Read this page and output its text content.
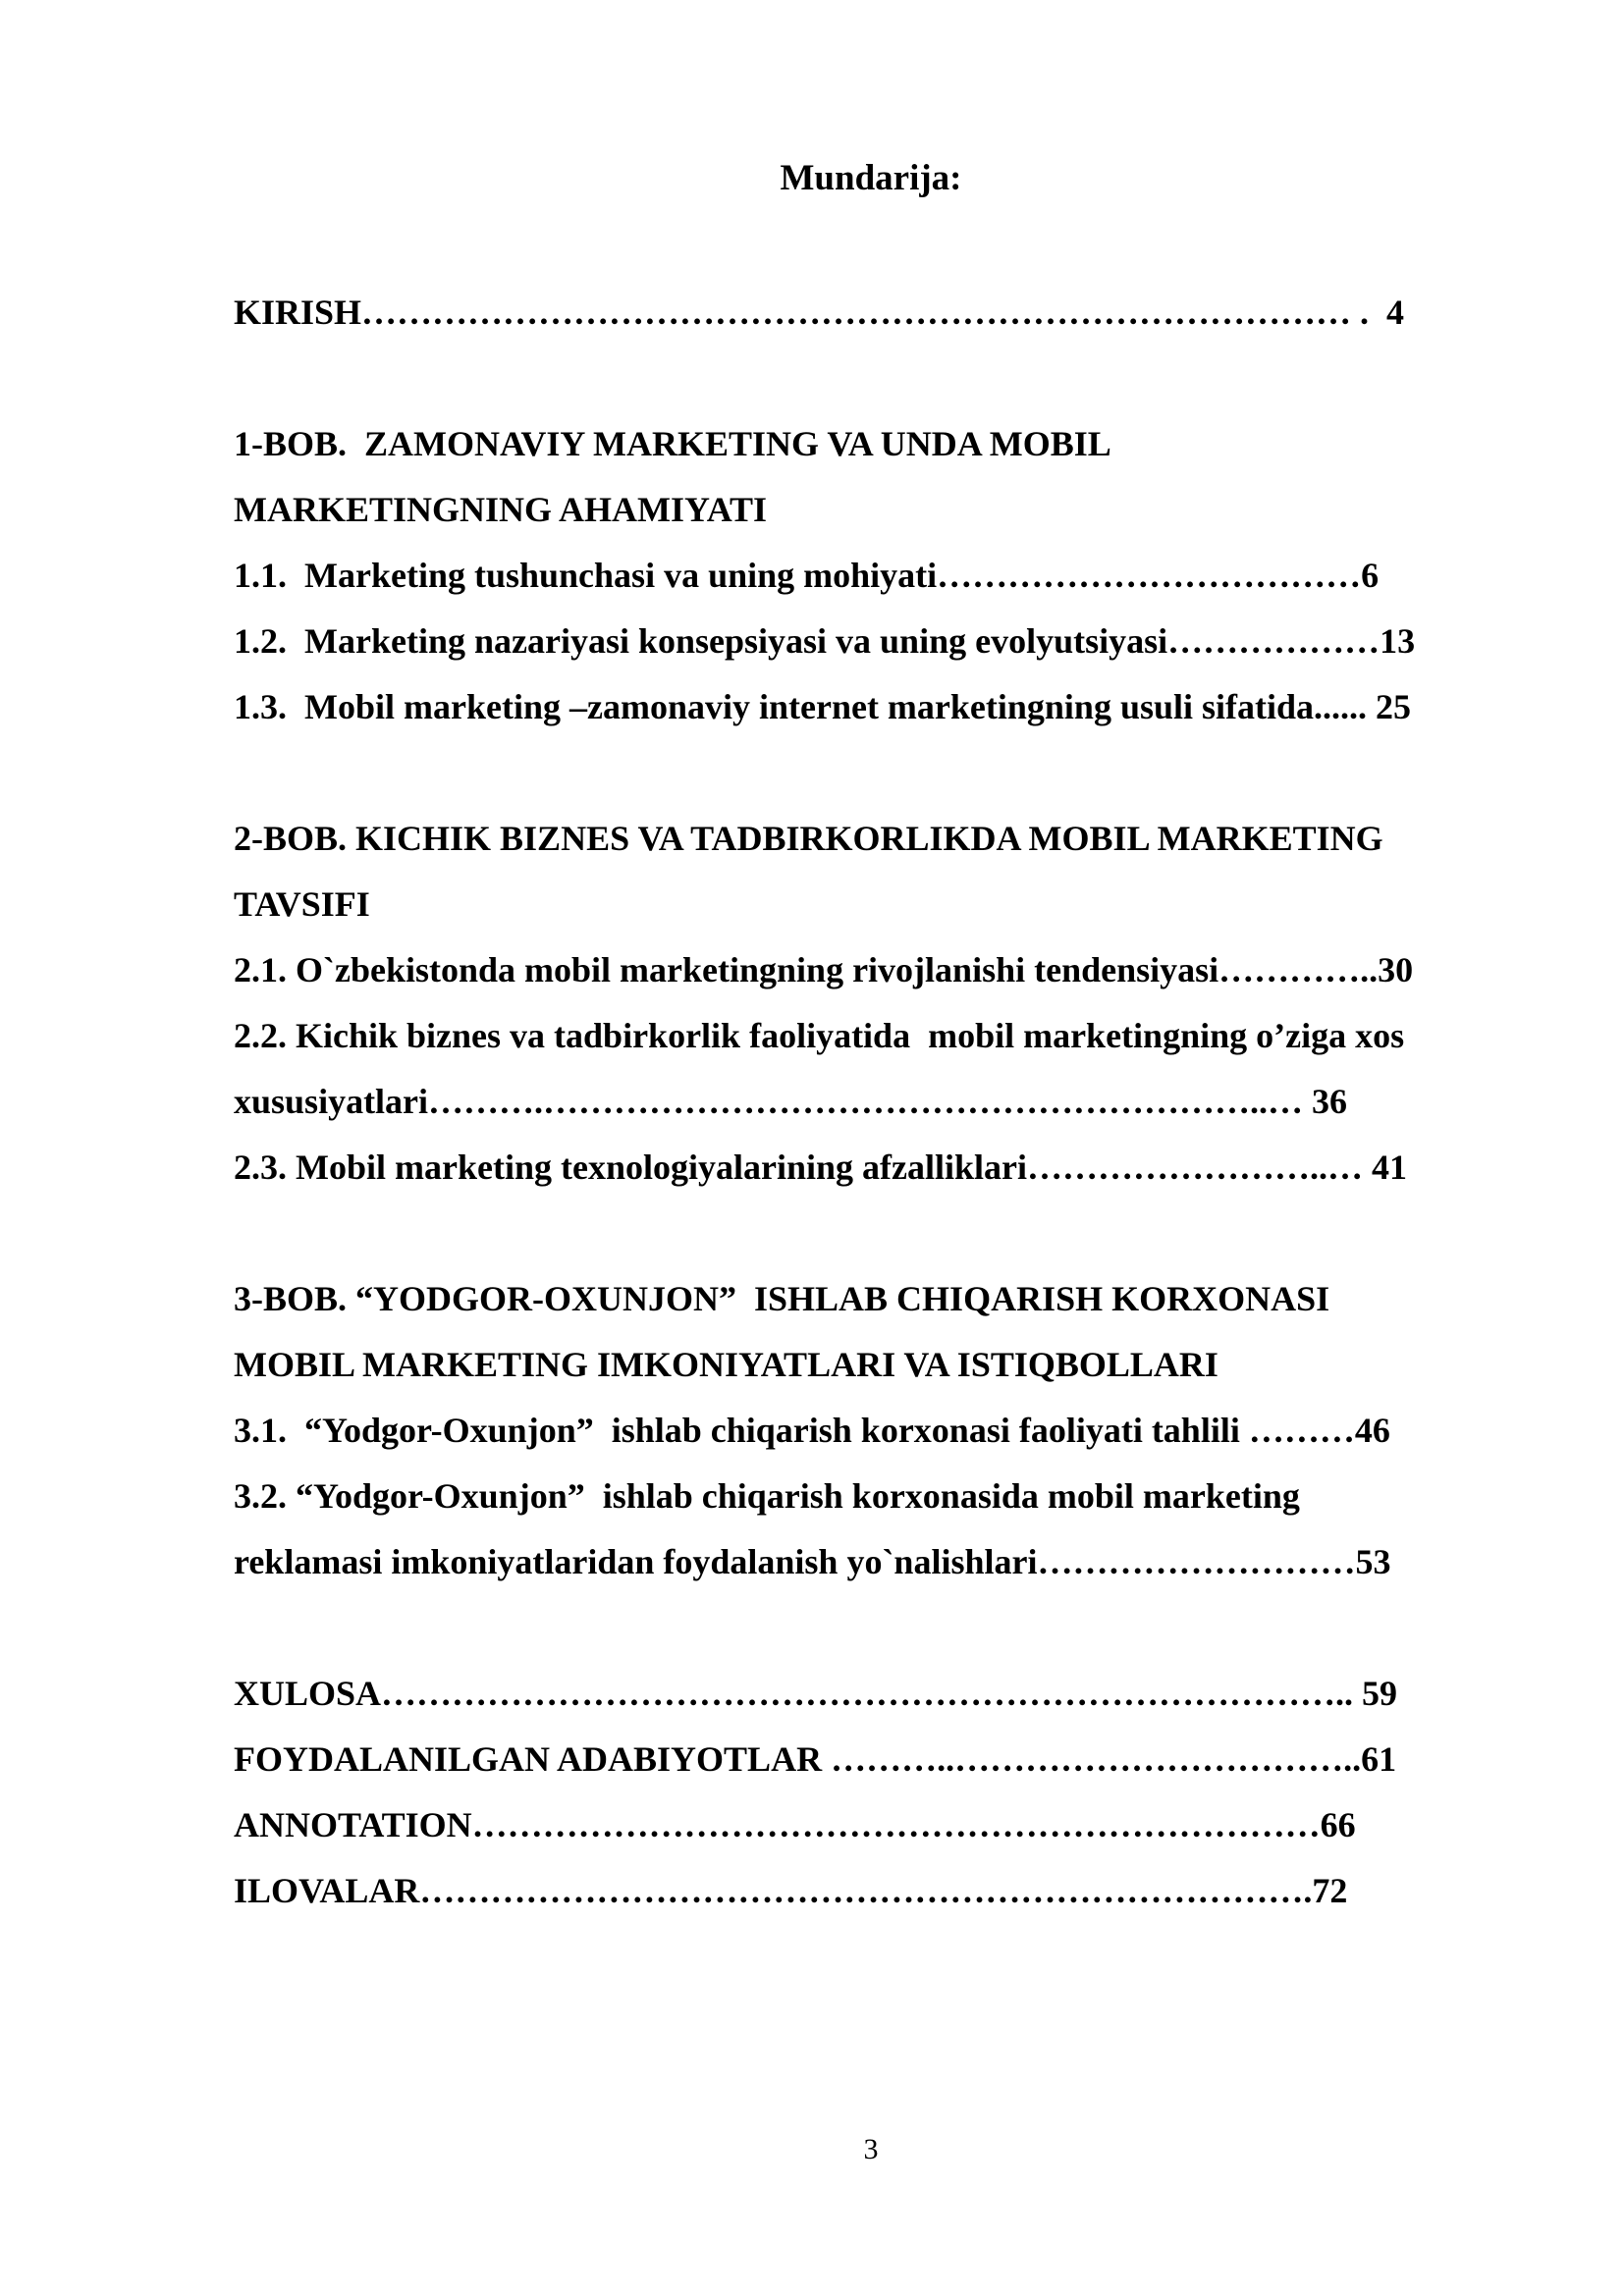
Mundarija:
KIRISH………………………………………………………………………… .  4
1-BOB.  ZAMONAVIY MARKETING VA UNDA MOBIL
MARKETINGNING AHAMIYATI
1.1.  Marketing tushunchasi va uning mohiyati………………………………6
1.2.  Marketing nazariyasi konsepsiyasi va uning evolyutsiyasi………………13
1.3.  Mobil marketing –zamonaviy internet marketingning usuli sifatida...... 25
2-BOB. KICHIK BIZNES VA TADBIRKORLIKDA MOBIL MARKETING
TAVSIFI
2.1. O`zbekistonda mobil marketingning rivojlanishi tendensiyasi…………..30
2.2. Kichik biznes va tadbirkorlik faoliyatida  mobil marketingning o’ziga xos
xususiyatlari……….……………………………………………………..… 36
2.3. Mobil marketing texnologiyalarining afzalliklari……………………..… 41
3-BOB. “YODGOR-OXUNJON”  ISHLAB CHIQARISH KORXONASI
MOBIL MARKETING IMKONIYATLARI VA ISTIQBOLLARI
3.1.  “Yodgor-Oxunjon”  ishlab chiqarish korxonasi faoliyati tahlili ………46
3.2. “Yodgor-Oxunjon”  ishlab chiqarish korxonasida mobil marketing
reklamasi imkoniyatlaridan foydalanish yo`nalishlari………………………53
XULOSA……………………………………………………………………….. 59
FOYDALANILGAN ADABIYOTLAR ………..……………………………..61
ANNOTATION………………………………………………………………66
ILOVALAR………………………………………………………………….72
3
